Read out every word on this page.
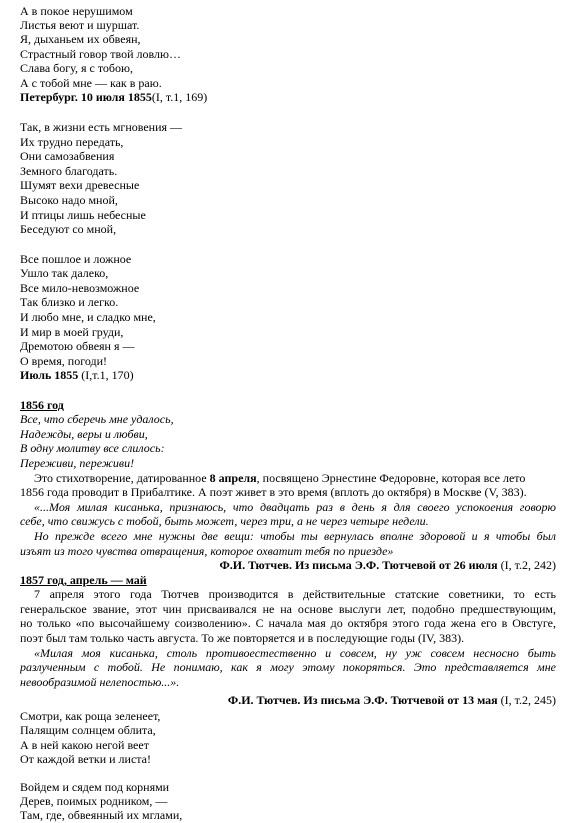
А в покое нерушимом
Листья веют и шуршат.
Я, дыханьем их обвеян,
Страстный говор твой ловлю…
Слава богу, я с тобою,
А с тобой мне — как в раю.
Петербург. 10 июля 1855(I, т.1, 169)
Так, в жизни есть мгновения —
Их трудно передать,
Они самозабвения
Земного благодать.
Шумят вехи древесные
Высоко надо мной,
И птицы лишь небесные
Беседуют со мной,
Все пошлое и ложное
Ушло так далеко,
Все мило-невозможное
Так близко и легко.
И любо мне, и сладко мне,
И мир в моей груди,
Дремотою обвеян я —
О время, погоди!
Июль 1855 (I,т.1, 170)
1856 год
Все, что сберечь мне удалось,
Надежды, веры и любви,
В одну молитву все слилось:
Переживи, переживи!
Это стихотворение, датированное 8 апреля, посвящено Эрнестине Федоровне, которая все лето
1856 года проводит в Прибалтике. А поэт живет в это время (вплоть до октября) в Москве (V, 383).
«...Моя милая кисанька, признаюсь, что двадцать раз в день я для своего успокоения говорю
себе, что свижусь с тобой, быть может, через три, а не через четыре недели.
Но прежде всего мне нужны две вещи: чтобы ты вернулась вполне здоровой и я чтобы был
изъят из того чувства отвращения, которое охватит тебя по приезде»
Ф.И. Тютчев. Из письма Э.Ф. Тютчевой от 26 июля (I, т.2, 242)
1857 год, апрель — май
7 апреля этого года Тютчев производится в действительные статские советники, то есть
генеральское звание, этот чин присваивался не на основе выслуги лет, подобно предшествующим,
но только «по высочайшему соизволению». С начала мая до октября этого года жена его в Овстуге,
поэт был там только часть августа. То же повторяется и в последующие годы (IV, 383).
«Милая моя кисанька, столь противоестественно и совсем, ну уж совсем несносно быть
разлученным с тобой. Не понимаю, как я могу этому покоряться. Это представляется мне
невообразимой нелепостью...».
Ф.И. Тютчев. Из письма Э.Ф. Тютчевой от 13 мая (I, т.2, 245)
Смотри, как роща зеленеет,
Палящим солнцем облита,
А в ней какою негой веет
От каждой ветки и листа!
Войдем и сядем под корнями
Дерев, поимых родником, —
Там, где, обвеянный их мглами,
